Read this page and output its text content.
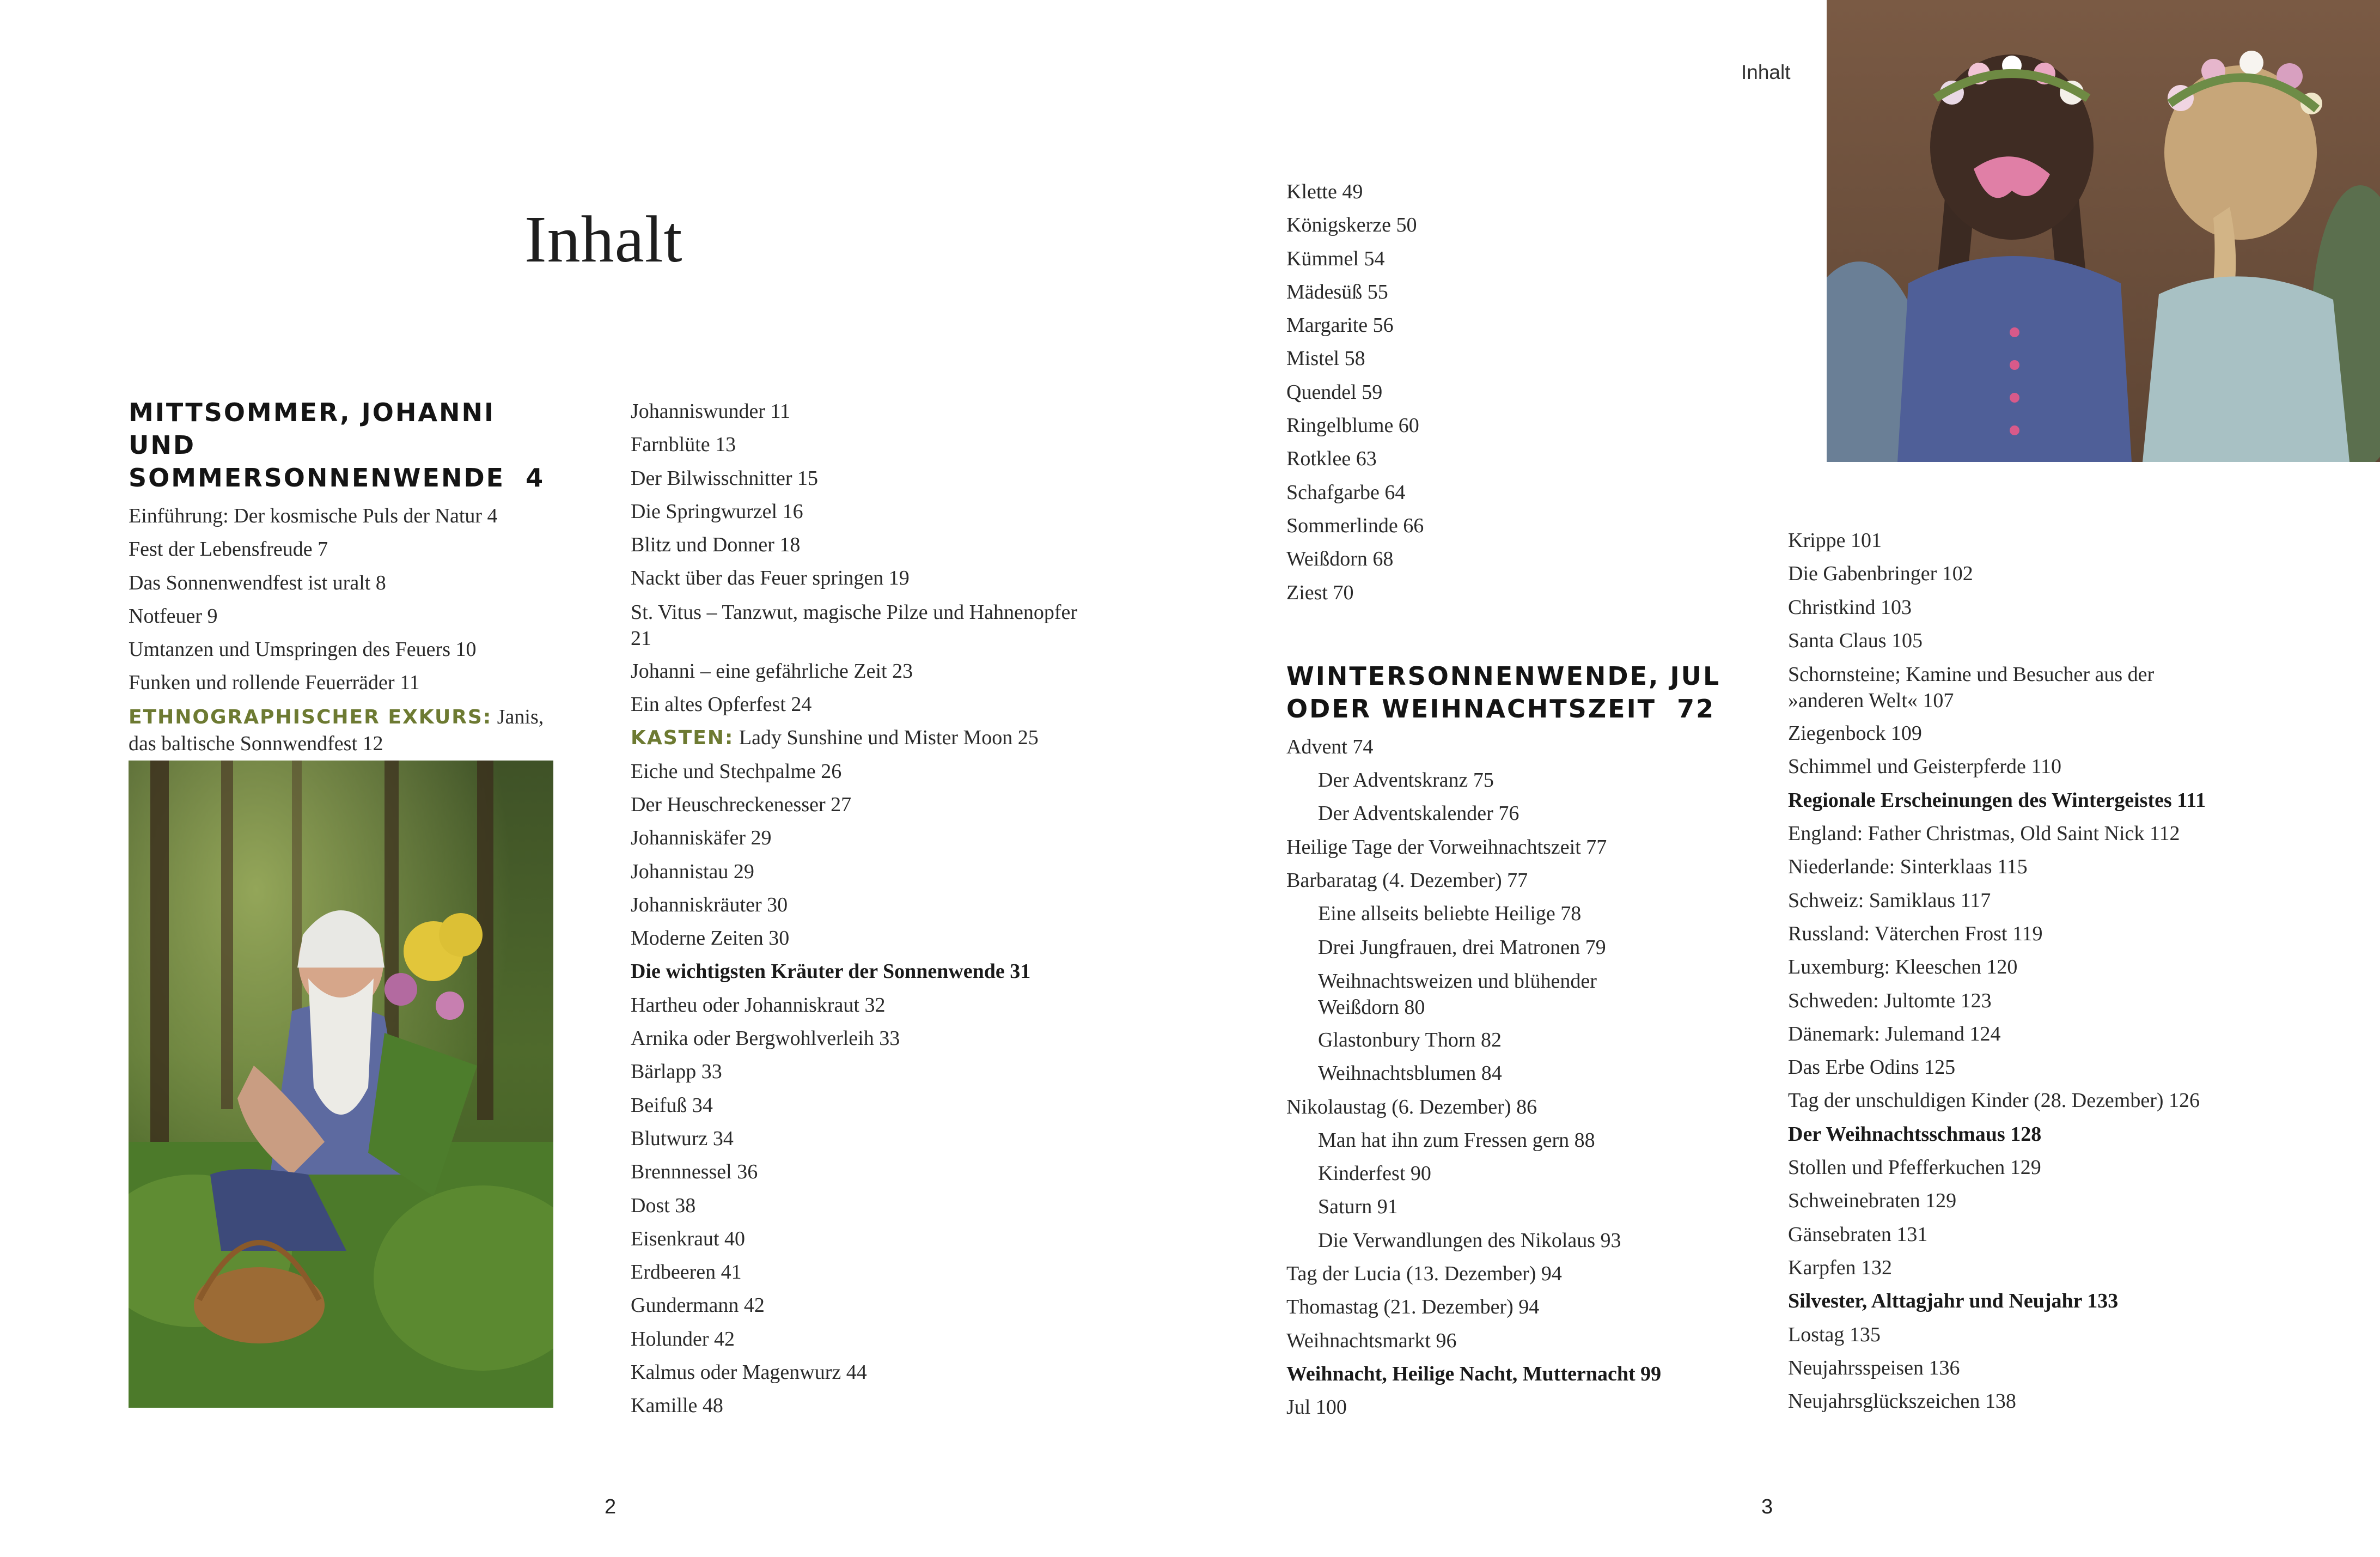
Inhalt
Inhalt
2	3
MITTSOMMER, JOHANNI UND
SOMMERSONNENWENDE 4
Einführung: Der kosmische Puls der Natur 4
Fest der Lebensfreude 7
Das Sonnenwendfest ist uralt 8
Notfeuer 9
Umtanzen und Umspringen des Feuers 10
Funken und rollende Feuerräder 11
ETHNOGRAPHISCHER EXKURS: Janis, das baltische Sonnwendfest 12
Johanniswunder 11
Farnblüte 13
Der Bilwisschnitter 15
Die Springwurzel 16
Blitz und Donner 18
Nackt über das Feuer springen 19
St. Vitus – Tanzwut, magische Pilze und Hahnenopfer 21
Johanni – eine gefährliche Zeit 23
Ein altes Opferfest 24
KASTEN: Lady Sunshine und Mister Moon 25
Eiche und Stechpalme 26
Der Heuschreckenesser 27
Johanniskäfer 29
Johannistau 29
Johanniskräuter 30
Moderne Zeiten 30
Die wichtigsten Kräuter der Sonnenwende 31
Hartheu oder Johanniskraut 32
Arnika oder Bergwohlverleih 33
Bärlapp 33
Beifuß 34
Blutwurz 34
Brennnessel 36
Dost 38
Eisenkraut 40
Erdbeeren 41
Gundermann 42
Holunder 42
Kalmus oder Magenwurz 44
Kamille 48
Klette 49
Königskerze 50
Kümmel 54
Mädesüß 55
Margarite 56
Mistel 58
Quendel 59
Ringelblume 60
Rotklee 63
Schafgarbe 64
Sommerlinde 66
Weißdorn 68
Ziest 70
WINTERSONNENWENDE, JUL
ODER WEIHNACHTSZEIT 72
Advent 74
Der Adventskranz 75
Der Adventskalender 76
Heilige Tage der Vorweihnachtszeit 77
Barbaratag (4. Dezember) 77
Eine allseits beliebte Heilige 78
Drei Jungfrauen, drei Matronen 79
Weihnachtsweizen und blühender Weißdorn 80
Glastonbury Thorn 82
Weihnachtsblumen 84
Nikolaustag (6. Dezember) 86
Man hat ihn zum Fressen gern 88
Kinderfest 90
Saturn 91
Die Verwandlungen des Nikolaus 93
Tag der Lucia (13. Dezember) 94
Thomastag (21. Dezember) 94
Weihnachtsmarkt 96
Weihnacht, Heilige Nacht, Mutternacht 99
Jul 100
Krippe 101
Die Gabenbringer 102
Christkind 103
Santa Claus 105
Schornsteine; Kamine und Besucher aus der »anderen Welt« 107
Ziegenbock 109
Schimmel und Geisterpferde 110
Regionale Erscheinungen des Wintergeistes 111
England: Father Christmas, Old Saint Nick 112
Niederlande: Sinterklaas 115
Schweiz: Samiklaus 117
Russland: Väterchen Frost 119
Luxemburg: Kleeschen 120
Schweden: Jultomte 123
Dänemark: Julemand 124
Das Erbe Odins 125
Tag der unschuldigen Kinder (28. Dezember) 126
Der Weihnachtsschmaus 128
Stollen und Pfefferkuchen 129
Schweinebraten 129
Gänsebraten 131
Karpfen 132
Silvester, Alttagjahr und Neujahr 133
Lostag 135
Neujahrsspeisen 136
Neujahrsglückszeichen 138
